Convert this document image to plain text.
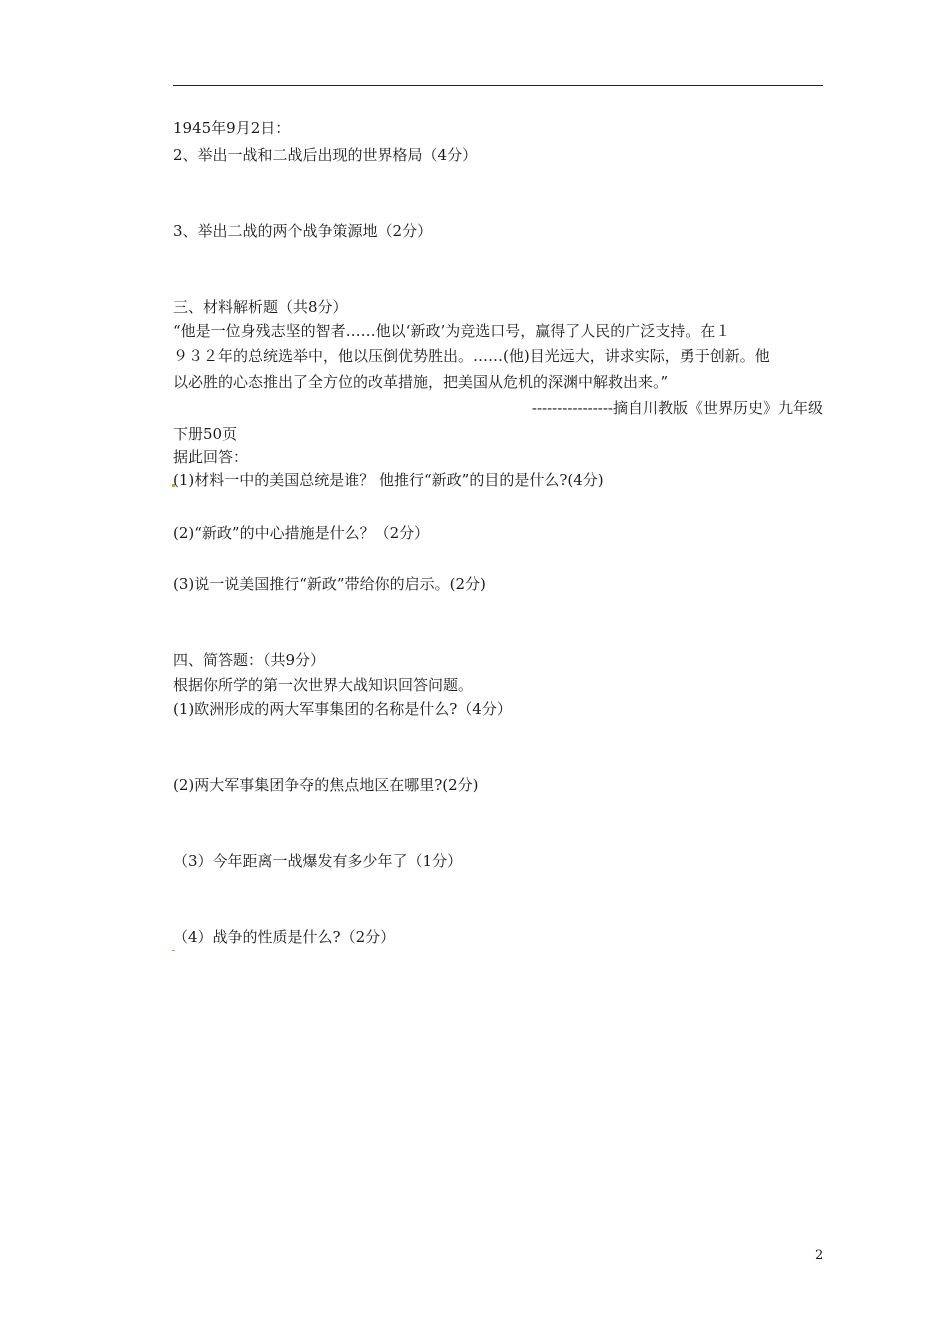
1945年9月2日：
2、举出一战和二战后出现的世界格局（4分）
3、举出二战的两个战争策源地（2分）
三、材料解析题（共8分）
“他是一位身残志坚的智者……他以‘新政’为竞选口号，赢得了人民的广泛支持。在１
９３２年的总统选举中，他以压倒优势胜出。……(他)目光远大，讲求实际，勇于创新。他
以必胜的心态推出了全方位的改革措施，把美国从危机的深渊中解救出来。”
----------------摘自川教版《世界历史》九年级
下册50页
据此回答：
(1)材料一中的美国总统是谁？ 他推行“新政”的目的是什么?(4分)
(2)“新政”的中心措施是什么？（2分）
(3)说一说美国推行“新政”带给你的启示。(2分)
四、简答题：（共9分）
根据你所学的第一次世界大战知识回答问题。
(1)欧洲形成的两大军事集团的名称是什么?（4分）
(2)两大军事集团争夺的焦点地区在哪里?(2分)
（3）今年距离一战爆发有多少年了（1分）
（4）战争的性质是什么?（2分）
2
